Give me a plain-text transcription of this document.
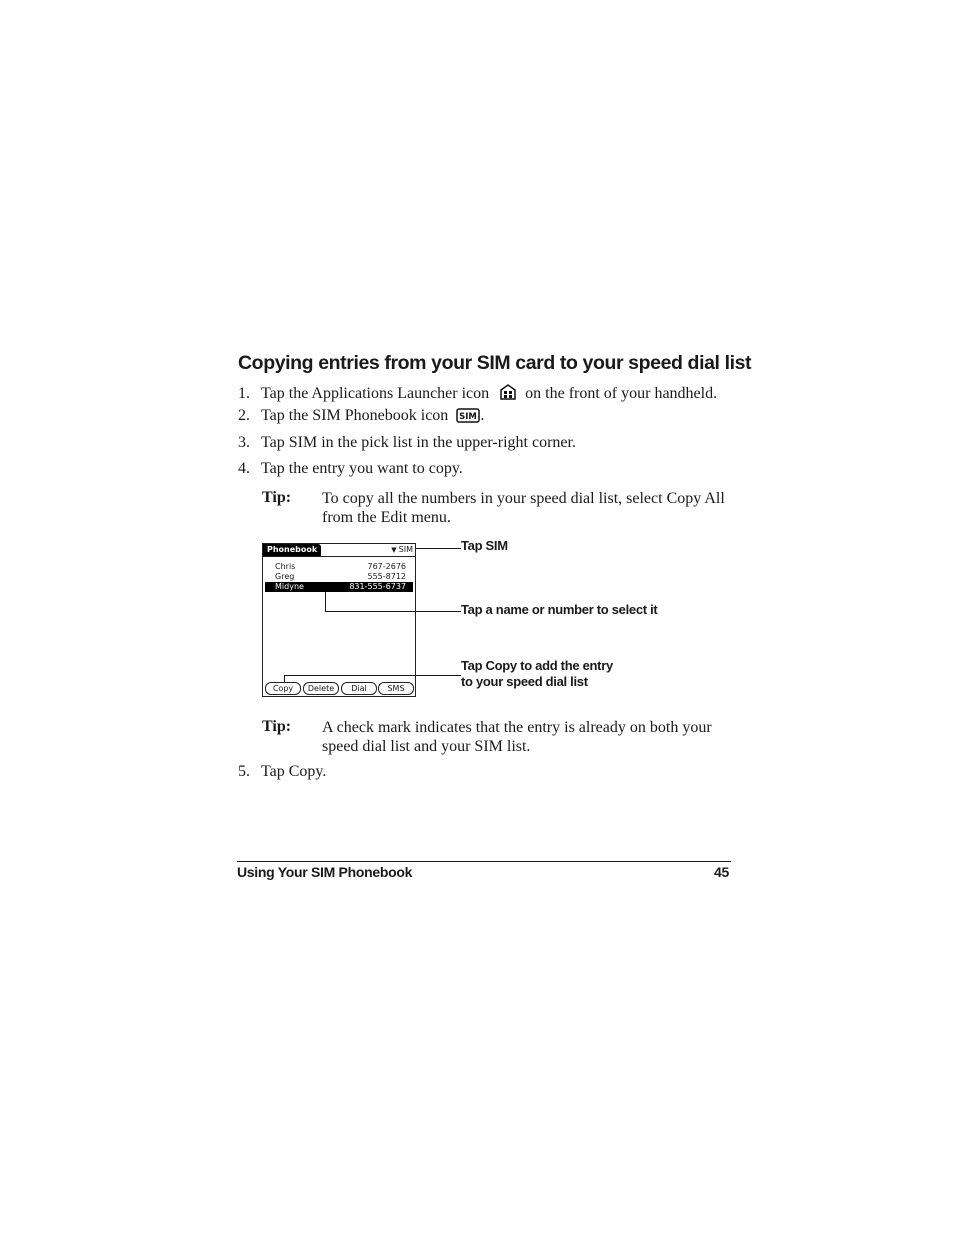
Copying entries from your SIM card to your speed dial list
1. Tap the Applications Launcher icon on the front of your handheld.
2. Tap the SIM Phonebook icon SIM .
3. Tap SIM in the pick list in the upper-right corner.
4. Tap the entry you want to copy.
Tip: To copy all the numbers in your speed dial list, select Copy All from the Edit menu.
Phonebook	▼ SIM
Chris	767-2676
Greg	555-8712
Midyne	831-555-6737
Copy	Delete	Dial	SMS
Tap SIM
Tap a name or number to select it
Tap Copy to add the entry
to your speed dial list
Tip: A check mark indicates that the entry is already on both your speed dial list and your SIM list.
5. Tap Copy.
Using Your SIM Phonebook	45
